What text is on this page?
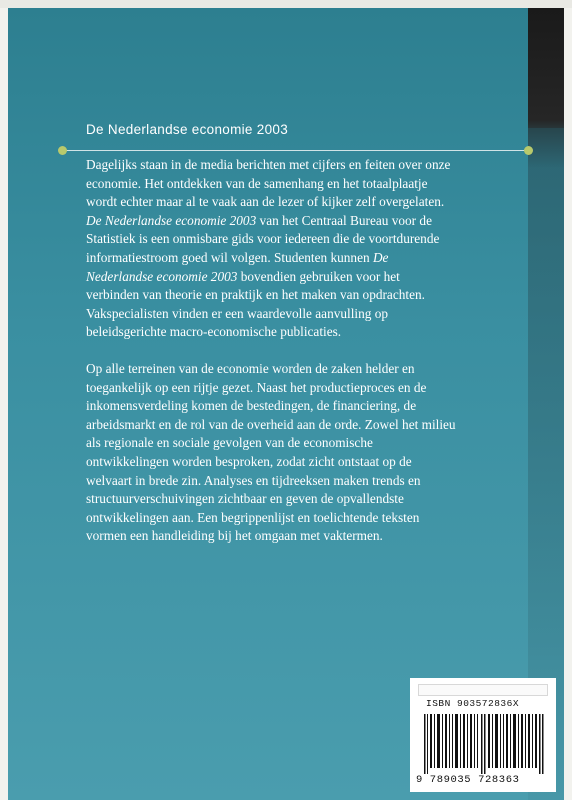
De Nederlandse economie 2003

Dagelijks staan in de media berichten met cijfers en feiten over onze economie. Het ontdekken van de samenhang en het totaalplaatje wordt echter maar al te vaak aan de lezer of kijker zelf overgelaten. De Nederlandse economie 2003 van het Centraal Bureau voor de Statistiek is een onmisbare gids voor iedereen die de voortdurende informatiestroom goed wil volgen. Studenten kunnen De Nederlandse economie 2003 bovendien gebruiken voor het verbinden van theorie en praktijk en het maken van opdrachten. Vakspecialisten vinden er een waardevolle aanvulling op beleidsgerichte macro-economische publicaties.

Op alle terreinen van de economie worden de zaken helder en toegankelijk op een rijtje gezet. Naast het productieproces en de inkomensverdeling komen de bestedingen, de financiering, de arbeidsmarkt en de rol van de overheid aan de orde. Zowel het milieu als regionale en sociale gevolgen van de economische ontwikkelingen worden besproken, zodat zicht ontstaat op de welvaart in brede zin. Analyses en tijdreeksen maken trends en structuurverschuivingen zichtbaar en geven de opvallendste ontwikkelingen aan. Een begrippenlijst en toelichtende teksten vormen een handleiding bij het omgaan met vaktermen.

ISBN 903572836X
9 789035 728363
